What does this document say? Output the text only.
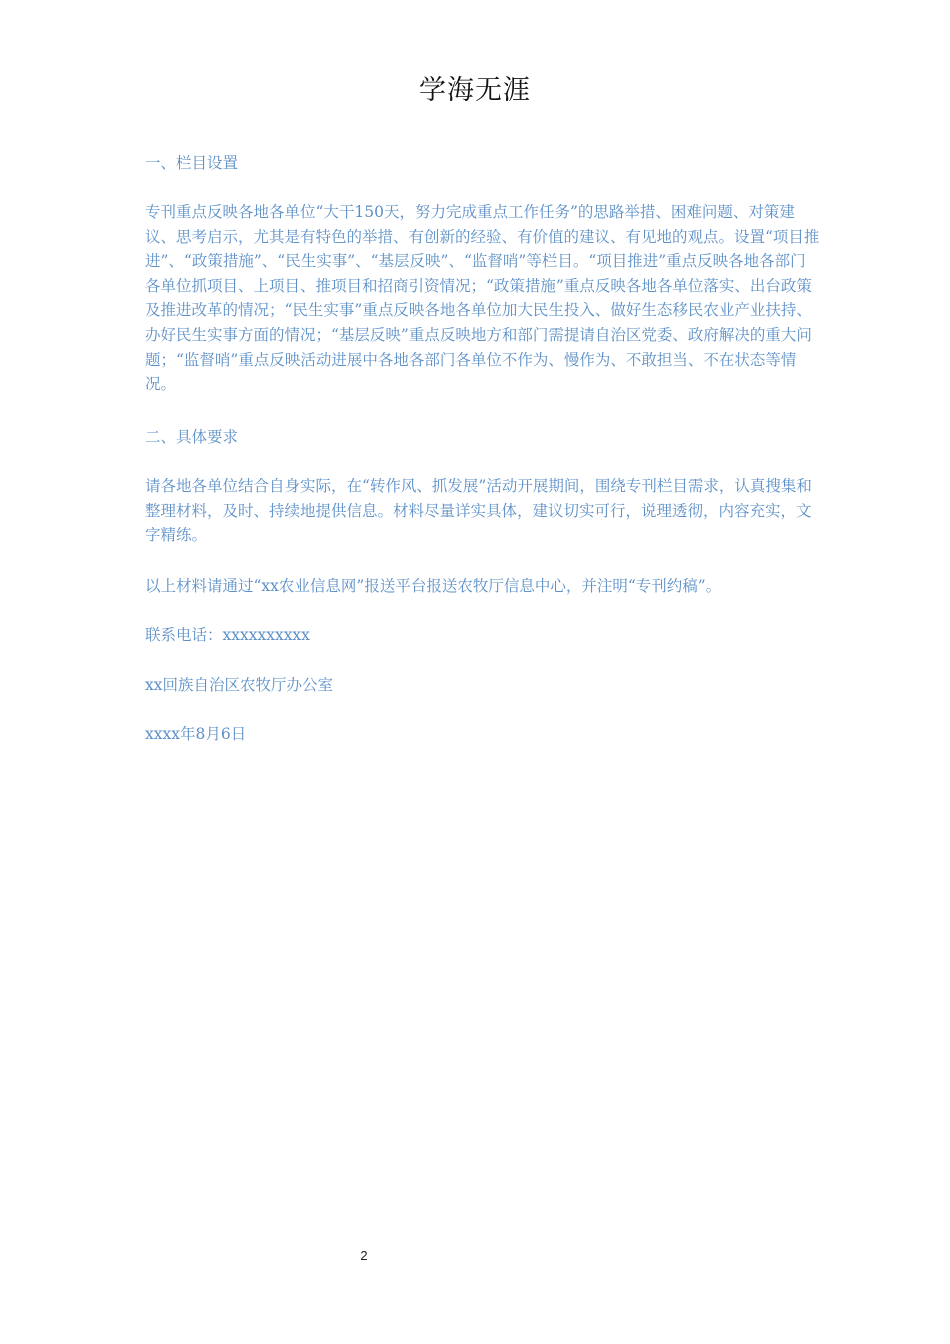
学海无涯
一、栏目设置
专刊重点反映各地各单位“大干150天，努力完成重点工作任务”的思路举措、困难问题、对策建议、思考启示，尤其是有特色的举措、有创新的经验、有价值的建议、有见地的观点。设置“项目推进”、“政策措施”、“民生实事”、“基层反映”、“监督哨”等栏目。“项目推进”重点反映各地各部门各单位抓项目、上项目、推项目和招商引资情况；“政策措施”重点反映各地各单位落实、出台政策及推进改革的情况；“民生实事”重点反映各地各单位加大民生投入、做好生态移民农业产业扶持、办好民生实事方面的情况；“基层反映”重点反映地方和部门需提请自治区党委、政府解决的重大问题；“监督哨”重点反映活动进展中各地各部门各单位不作为、慢作为、不敢担当、不在状态等情况。
二、具体要求
请各地各单位结合自身实际，在“转作风、抓发展”活动开展期间，围绕专刊栏目需求，认真搜集和整理材料，及时、持续地提供信息。材料尽量详实具体，建议切实可行，说理透彻，内容充实，文字精练。
以上材料请通过“xx农业信息网”报送平台报送农牧厅信息中心，并注明“专刊约稿”。
联系电话：xxxxxxxxxx
xx回族自治区农牧厅办公室
xxxx年8月6日
2
